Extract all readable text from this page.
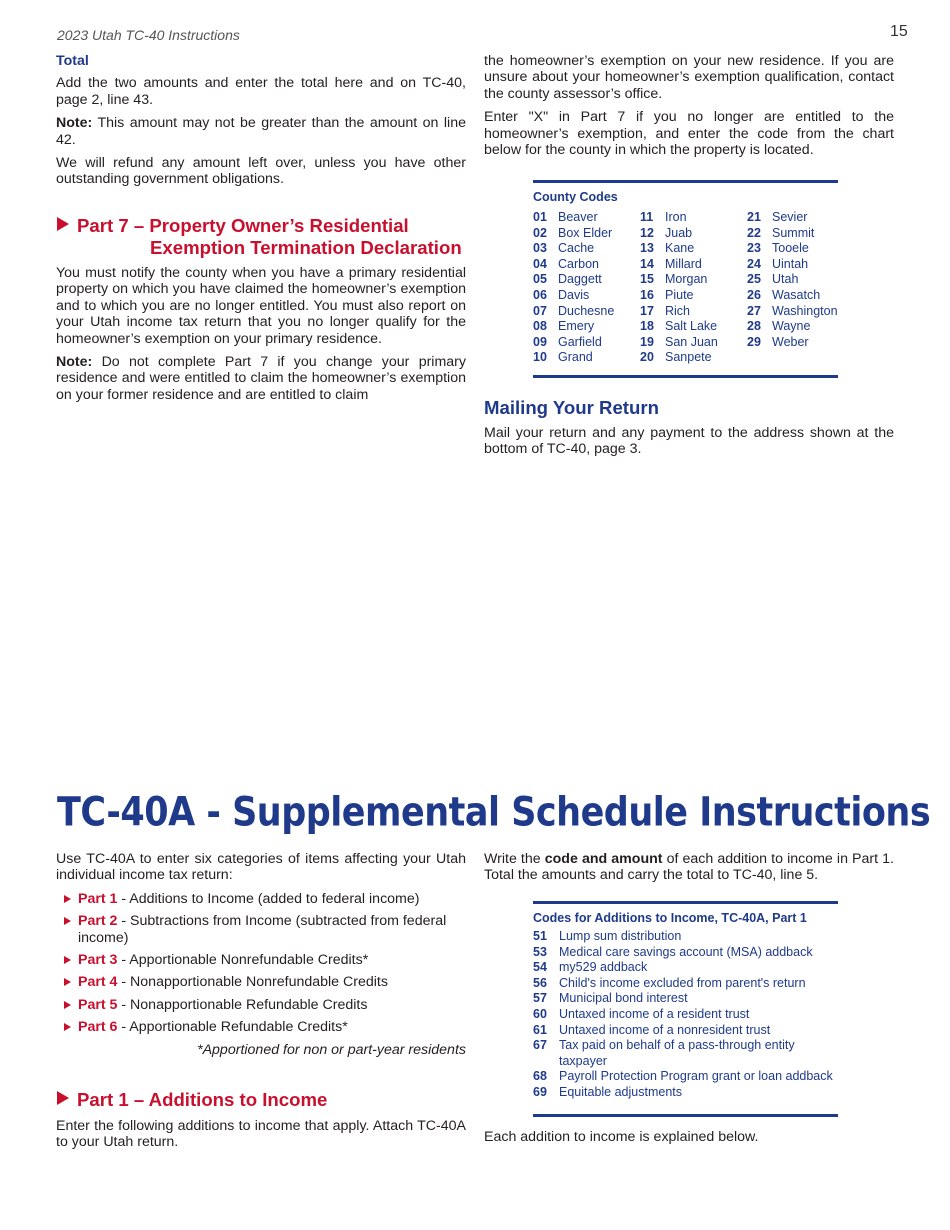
2023 Utah TC-40 Instructions	15
Total

Add the two amounts and enter the total here and on TC-40, page 2, line 43.

Note: This amount may not be greater than the amount on line 42.

We will refund any amount left over, unless you have other outstanding government obligations.

Part 7 – Property Owner’s Residential
Exemption Termination Declaration

You must notify the county when you have a primary residential property on which you have claimed the homeowner’s exemption and to which you are no longer entitled. You must also report on your Utah income tax return that you no longer qualify for the homeowner’s exemption on your primary residence.

Note: Do not complete Part 7 if you change your primary residence and were entitled to claim the homeowner’s exemption on your former residence and are entitled to claim

the homeowner’s exemption on your new residence. If you are unsure about your homeowner’s exemption qualification, contact the county assessor’s office.

Enter "X" in Part 7 if you no longer are entitled to the homeowner’s exemption, and enter the code from the chart below for the county in which the property is located.

County Codes
01 Beaver
02 Box Elder
03 Cache
04 Carbon
05 Daggett
06 Davis
07 Duchesne
08 Emery
09 Garfield
10 Grand
11 Iron
12 Juab
13 Kane
14 Millard
15 Morgan
16 Piute
17 Rich
18 Salt Lake
19 San Juan
20 Sanpete
21 Sevier
22 Summit
23 Tooele
24 Uintah
25 Utah
26 Wasatch
27 Washington
28 Wayne
29 Weber
Mailing Your Return

Mail your return and any payment to the address shown at the bottom of TC-40, page 3.

TC-40A - Supplemental Schedule Instructions

Use TC-40A to enter six categories of items affecting your Utah individual income tax return:

Part 1 - Additions to Income (added to federal income)
Part 2 - Subtractions from Income (subtracted from federal income)
Part 3 - Apportionable Nonrefundable Credits*
Part 4 - Nonapportionable Nonrefundable Credits
Part 5 - Nonapportionable Refundable Credits
Part 6 - Apportionable Refundable Credits*
*Apportioned for non or part-year residents
Part 1 – Additions to Income

Enter the following additions to income that apply. Attach TC-40A to your Utah return.

Write the code and amount of each addition to income in Part 1. Total the amounts and carry the total to TC-40, line 5.

Codes for Additions to Income, TC-40A, Part 1
51 Lump sum distribution
53 Medical care savings account (MSA) addback
54 my529 addback
56 Child's income excluded from parent's return
57 Municipal bond interest
60 Untaxed income of a resident trust
61 Untaxed income of a nonresident trust
67 Tax paid on behalf of a pass-through entity taxpayer
68 Payroll Protection Program grant or loan addback
69 Equitable adjustments

Each addition to income is explained below.
